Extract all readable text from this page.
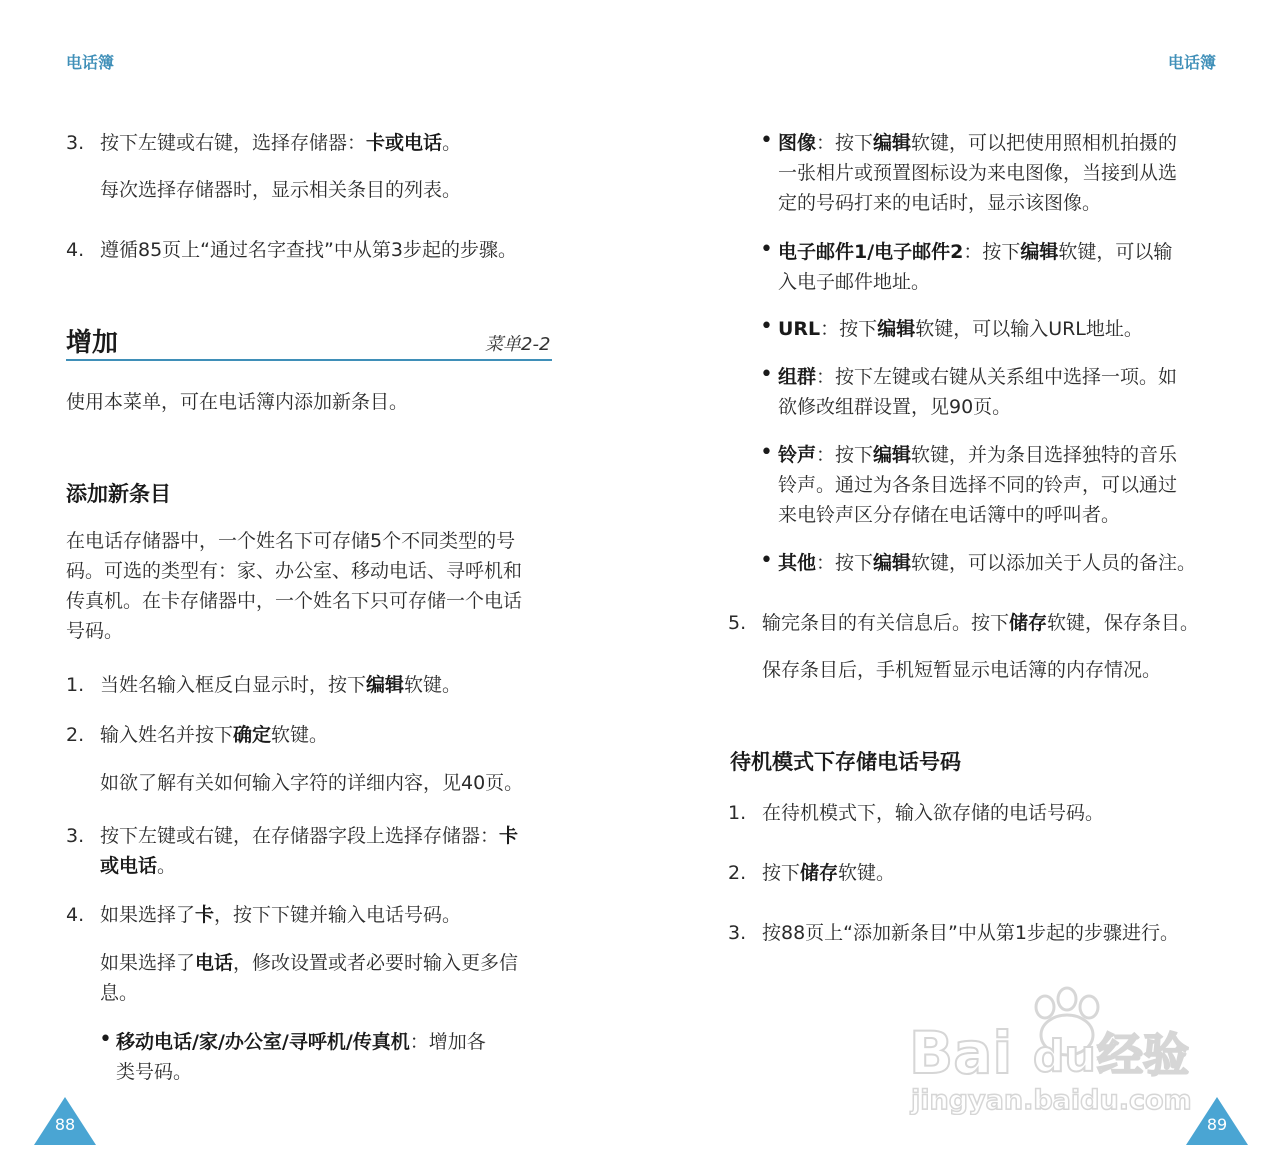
电话簿
3. 按下左键或右键，选择存储器：卡或电话。
每次选择存储器时，显示相关条目的列表。
4. 遵循85页上“通过名字查找”中从第3步起的步骤。
增加	菜单2-2
使用本菜单，可在电话簿内添加新条目。
添加新条目
在电话存储器中，一个姓名下可存储5个不同类型的号
码。可选的类型有：家、办公室、移动电话、寻呼机和
传真机。在卡存储器中，一个姓名下只可存储一个电话
号码。
1. 当姓名输入框反白显示时，按下编辑软键。
2. 输入姓名并按下确定软键。
如欲了解有关如何输入字符的详细内容，见40页。
3. 按下左键或右键，在存储器字段上选择存储器：卡
或电话。
4. 如果选择了卡，按下下键并输入电话号码。
如果选择了电话，修改设置或者必要时输入更多信
息。
• 移动电话/家/办公室/寻呼机/传真机：增加各
类号码。
88
电话簿
• 图像：按下编辑软键，可以把使用照相机拍摄的
一张相片或预置图标设为来电图像，当接到从选
定的号码打来的电话时，显示该图像。
• 电子邮件1/电子邮件2：按下编辑软键，可以输
入电子邮件地址。
• URL：按下编辑软键，可以输入URL地址。
• 组群：按下左键或右键从关系组中选择一项。如
欲修改组群设置，见90页。
• 铃声：按下编辑软键，并为条目选择独特的音乐
铃声。通过为各条目选择不同的铃声，可以通过
来电铃声区分存储在电话簿中的呼叫者。
• 其他：按下编辑软键，可以添加关于人员的备注。
5. 输完条目的有关信息后。按下储存软键，保存条目。
保存条目后，手机短暂显示电话簿的内存情况。
待机模式下存储电话号码
1. 在待机模式下，输入欲存储的电话号码。
2. 按下储存软键。
3. 按88页上“添加新条目”中从第1步起的步骤进行。
89
Bai du 经验
jingyan.baidu.com
